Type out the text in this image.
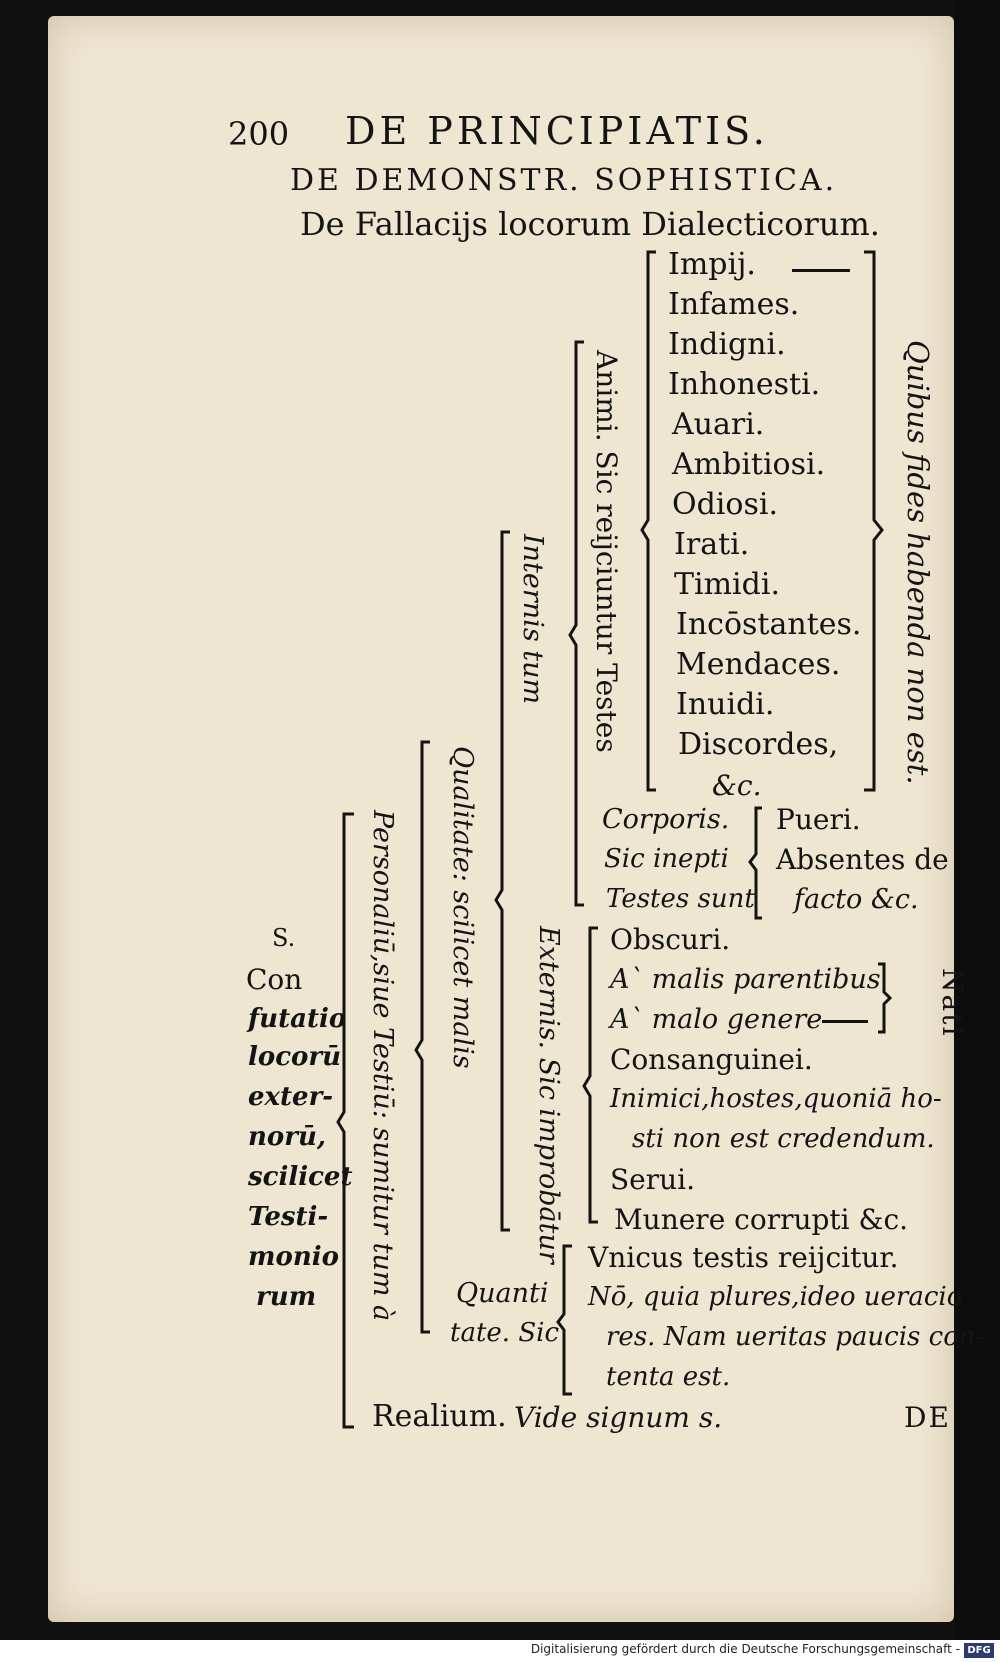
200 DE PRINCIPIATIS.
DE DEMONSTR. SOPHISTICA.
De Fallacijs locorum Dialecticorum.
S.
Con
futatio
locorū
exter-
norū,
scilicet
Testi-
monio
rum Personaliū,siue Testiū: sumitur tum à Qualitate: scilicet malis
Internis tum Animi. Sic reijciuntur Testes
Impij.
Infames.
Indigni.
Inhonesti.
Auari.
Ambitiosi.
Odiosi.
Irati.
Timidi.
Incōstantes.
Mendaces.
Inuidi.
Discordes,
&c.
Quibus fides habenda non est.
Corporis.
Sic inepti
Testes sunt
Pueri.
Absentes de
facto &c.
Externis. Sic improbātur Obscuri.
A` malis parentibus
A` malo genere
Consanguinei.
Inimici,hostes,quoniā ho-
sti non est credendum.
Serui.
Munere corrupti &c.
Nati
Quanti
tate. Sic
Vnicus testis reijcitur.
Nō, quia plures,ideo ueracio
res. Nam ueritas paucis con-
tenta est.
Realium. Vide signum s.	DE
Digitalisierung gefördert durch die Deutsche Forschungsgemeinschaft - DFG
